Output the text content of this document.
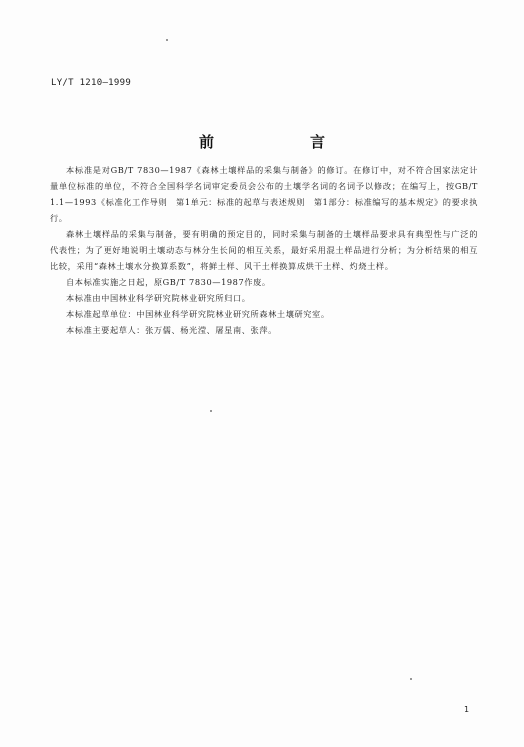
LY/T 1210—1999
前　　言

本标准是对GB/T 7830—1987《森林土壤样品的采集与制备》的修订。在修订中，对不符合国家法定计量单位标准的单位，不符合全国科学名词审定委员会公布的土壤学名词的名词予以修改；在编写上，按GB/T 1.1—1993《标准化工作导则　第1单元：标准的起草与表述规则　第1部分：标准编写的基本规定》的要求执行。

森林土壤样品的采集与制备，要有明确的预定目的，同时采集与制备的土壤样品要求具有典型性与广泛的代表性；为了更好地说明土壤动态与林分生长间的相互关系，最好采用混土样品进行分析；为分析结果的相互比较，采用“森林土壤水分换算系数”，将鲜土样、风干土样换算成烘干土样、灼烧土样。

自本标准实施之日起，原GB/T 7830—1987作废。

本标准由中国林业科学研究院林业研究所归口。

本标准起草单位：中国林业科学研究院林业研究所森林土壤研究室。

本标准主要起草人：张万儒、杨光滢、屠星南、张萍。

1
